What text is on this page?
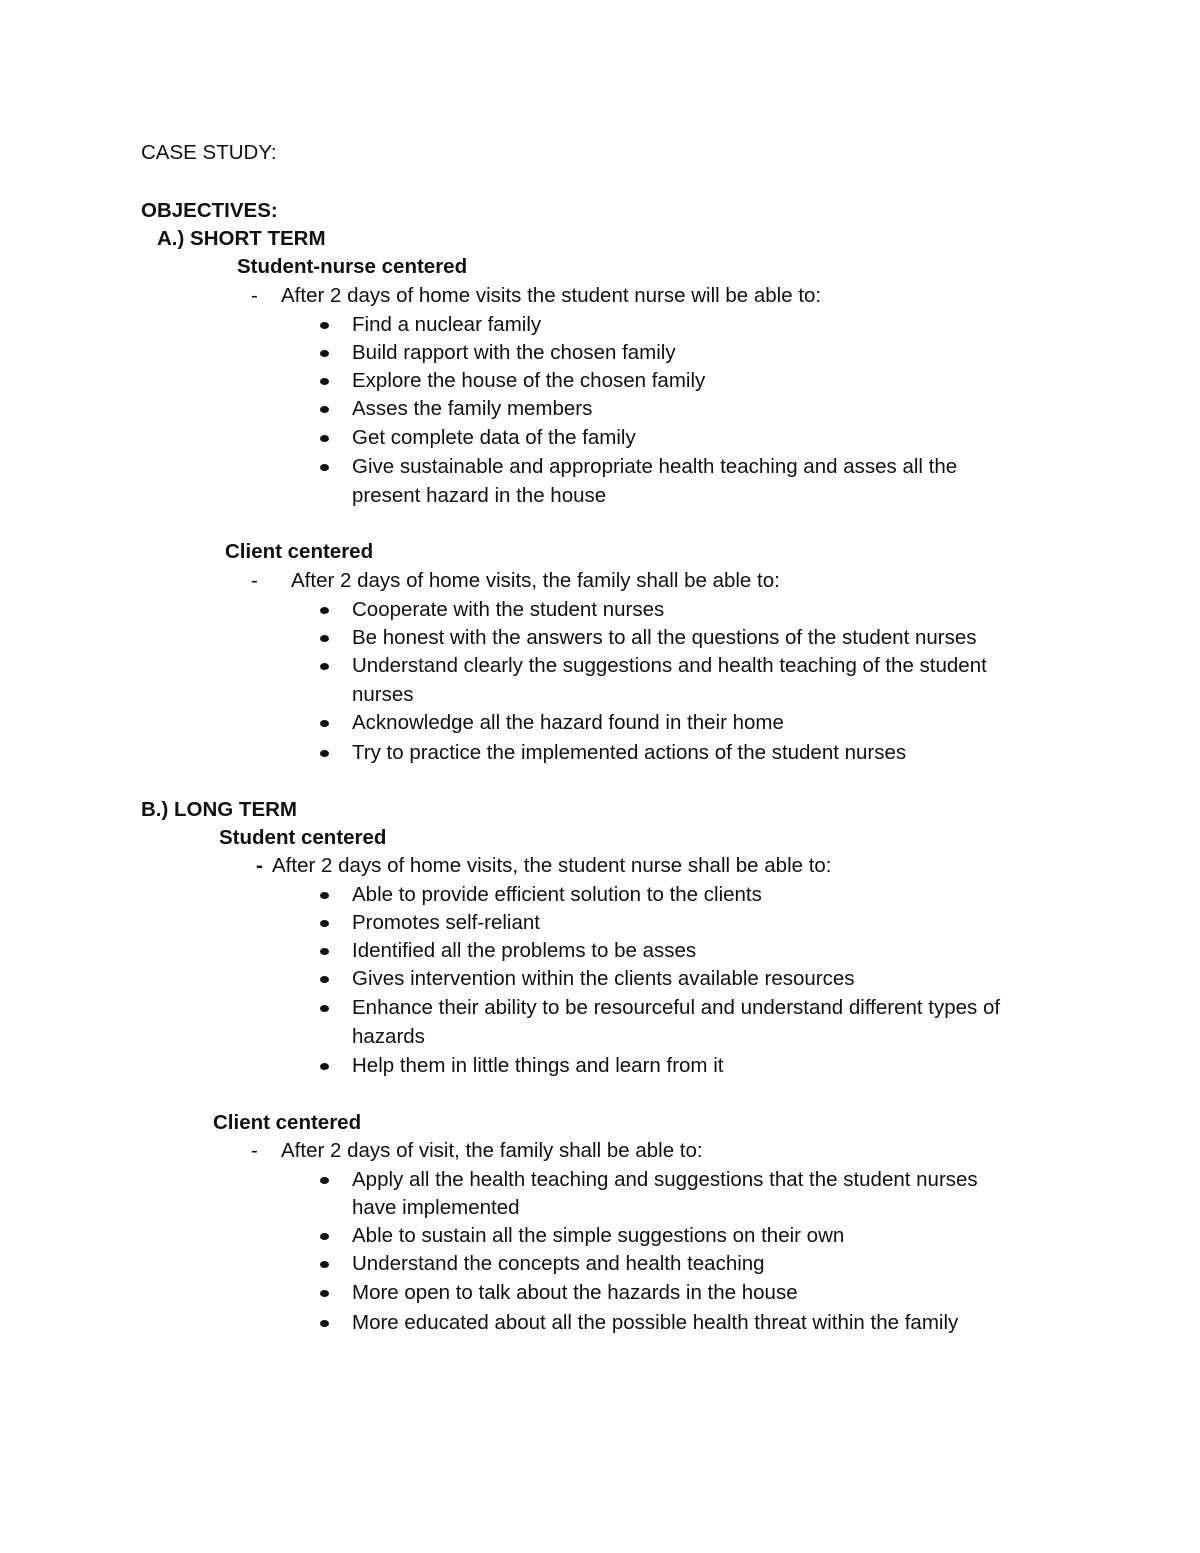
CASE STUDY:
OBJECTIVES:
A.) SHORT TERM
Student-nurse centered
- After 2 days of home visits the student nurse will be able to:
Find a nuclear family
Build rapport with the chosen family
Explore the house of the chosen family
Asses the family members
Get complete data of the family
Give sustainable and appropriate health teaching and asses all the
present hazard in the house
Client centered
- After 2 days of home visits, the family shall be able to:
Cooperate with the student nurses
Be honest with the answers to all the questions of the student nurses
Understand clearly the suggestions and health teaching of the student
nurses
Acknowledge all the hazard found in their home
Try to practice the implemented actions of the student nurses
B.) LONG TERM
Student centered
- After 2 days of home visits, the student nurse shall be able to:
Able to provide efficient solution to the clients
Promotes self-reliant
Identified all the problems to be asses
Gives intervention within the clients available resources
Enhance their ability to be resourceful and understand different types of
hazards
Help them in little things and learn from it
Client centered
- After 2 days of visit, the family shall be able to:
Apply all the health teaching and suggestions that the student nurses
have implemented
Able to sustain all the simple suggestions on their own
Understand the concepts and health teaching
More open to talk about the hazards in the house
More educated about all the possible health threat within the family
